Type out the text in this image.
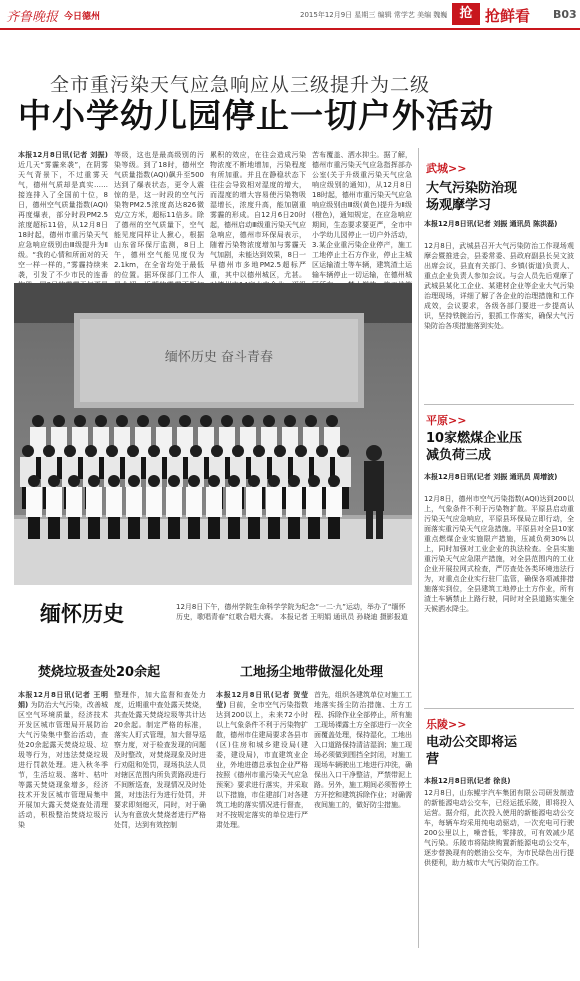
齐鲁晚报 今日德州	2015年12月9日 星期三 编辑 常学艺 美编 魏巍 抢 抢鲜看 B03
全市重污染天气应急响应从三级提升为二级
中小学幼儿园停止一切户外活动
本报12月8日讯(记者 刘振) 近几天“雾霾来袭”，在阴雾天气背景下，不过重雾天气，德州气质却是真实……接连排入了全国前十位，8日，德州空气质量指数(AQI)再度爆表，部分时段PM2.5浓度超标11倍，从12月8日18时起，德州市重污染天气应急响应级别由Ⅲ级提升为Ⅱ级。“我的心情和所面对的天空一样一样的，”雾霾持续来袭，引发了不少市民的连番
等级，这也是最高级别的污染等级。到了18时，德州空气质量指数(AQI)飙升至500达到了爆表状态，更令人震惊的是，这一时段的空气污染物PM2.5浓度高达826微克/立方米，超标11倍多。除了德州的空气质量下，空气能见度同样让人揪心，根据山东省环保厅监测，8日上午，德州空气能见度仅为2.1km，在全省均处于最低的位置。据环保部门工作人
累积的效应，在往会造成污染物浓度不断地增加，污染程度有所加重。并且在静稳状态下往往会导致相对湿度的增大，而湿度的增大容易使污染物吸湿增长，浓度升高，能加剧重雾霾的形成。自12月6日20时起，德州启动Ⅲ级重污染天气应急响应，德州市环保局表示，随着污染物浓度增加与雾霾天气加剧，未能达到效果，8日一早德州市多地PM2.5超标严重，其中以德州城区，尤甚。
苦布覆盖、洒水抑尘。据了解，德州市重污染天气应急指挥部办公室(关于升级重污染天气应急响应级别的通知)，从12月8日18时起，德州市重污染天气应急响应级别由Ⅲ级(黄色)提升为Ⅱ级(橙色)，通知规定，在应急响应期间，生态要求要更严，全市中小学幼儿园停止一切户外活动，3.某企业重污染企业停产，施工工地停止土石方作业，停止主城区运输渣土等车辆，建筑渣土运输车辆停止一切运输，在德州城
缅怀历史 奋斗青春
缅怀历史	12月8日下午，德州学院生命科学学院为纪念“一二·九”运动，举办了“缅怀历史，歌唱青春”红歌合唱大赛。 本报记者 王明娟 通讯员 孙晓迪 摄影报道
焚烧垃圾查处20余起
本报12月8日讯(记者 王明娟) 为防治大气污染，改善城区空气环境质量，经济技术开发区城市管理局开展防治大气污染集中整治活动，查处20余起露天焚烧垃圾、垃圾等行为，对违法焚烧垃圾进行罚款处理。进入秋冬季节，生活垃圾、落叶、枯叶等露天焚烧现象增多，经济技术开发区城市管理局集中开展加大露天焚烧查处清理活动，积极整治焚烧垃圾污染
整理作，加大监督和查处力度，近期重中查处露天焚烧，共查处露天焚烧垃圾等共计达20余起。制定严格的标准，落实人盯式管理，加大督导巡察力度，对于检查发现的问题及时整改，对焚烧现象及时进行劝阻和处罚，现场执法人员对辖区范围内所负责路段进行不间断巡查，发现情况及时处置，对违法行为进行处罚，并要求即刻熄灭，同时，对于确认为有意放火焚烧者进行严格处罚，达到有效控制
工地扬尘地带做湿化处理
本报12月8日讯(记者 贺莹莹) 目前，全市空气污染指数达到200以上，未来72小时以上气象条件不利于污染物扩散，德州市住建局要求各县市(区)住房和城乡建设局(建委，建设局)，市直建筑业企业，外地进德总承包企业严格按照《德州市重污染天气应急预案》要求进行落实，并采取以下措施，市住建部门对各建筑工地的落实情况进行督查，对不按规定落实的单位进行严肃处理。
首先，组织各建筑单位对施工工地落实扬尘防治措施、土方工程、拆除作业全部停止，所有施工现场裸露土方全部进行一次全面覆盖处理，保持湿化，工地出入口道路保持清洁湿润；施工现场必须做到围挡全封闭，对施工现场车辆驶出工地进行冲洗，确保出入口干净整洁，严禁带泥上路。另外，施工期间必须暂停土方开挖和建筑拆除作业；对确需夜间施工的，做好防尘措施。
武城>>
大气污染防治现场观摩学习
本报12月8日讯(记者 刘振 通讯员 陈洪磊)
12月8日，武城县召开大气污染防治工作现场观摩会暨推进会，县委常委、县政府副县长吴文波出席会议，县直有关部门、乡镇(街道)负责人、重点企业负责人参加会议。与会人员先后观摩了武城县某化工企业、某建材企业等企业大气污染治理现场，详细了解了各企业的治理措施和工作成效，会议要求，各级各部门要进一步提高认识，坚持铁腕治污，狠抓工作落实，确保大气污染防治各项措施落到实处。
平原>>
10家燃煤企业压减负荷三成
本报12月8日讯(记者 刘振 通讯员 周增波)
12月8日，德州市空气污染指数(AQI)达到200以上，气象条件不利于污染物扩散。平原县启动重污染天气应急响应，平原县环保局立即行动，全面落实重污染天气应急措施。平原县对全县10家重点燃煤企业实施限产措施，压减负荷30%以上，同时加强对工业企业的执法检查。全县实施重污染天气应急限产措施，对全县范围内的工业企业开展拉网式检查，严厉查处各类环境违法行为，对重点企业实行驻厂监管，确保各项减排措施落实到位，全县建筑工地停止土方作业，所有渣土车辆禁止上路行驶，同时对全县道路实施全天候洒水降尘。
乐陵>>
电动公交即将运营
本报12月8日讯(记者 徐良)
12月8日，山东鲲宇汽车集团有限公司研发制造的新能源电动公交车，已经运抵乐陵，即将投入运营。据介绍，此次投入使用的新能源电动公交车，每辆车均采用纯电动驱动，一次充电可行驶200公里以上，噪音低，零排放，可有效减少尾气污染。乐陵市将陆续购置新能源电动公交车，逐步替换现有的燃油公交车，为市民绿色出行提供便利，助力城市大气污染防治工作。
